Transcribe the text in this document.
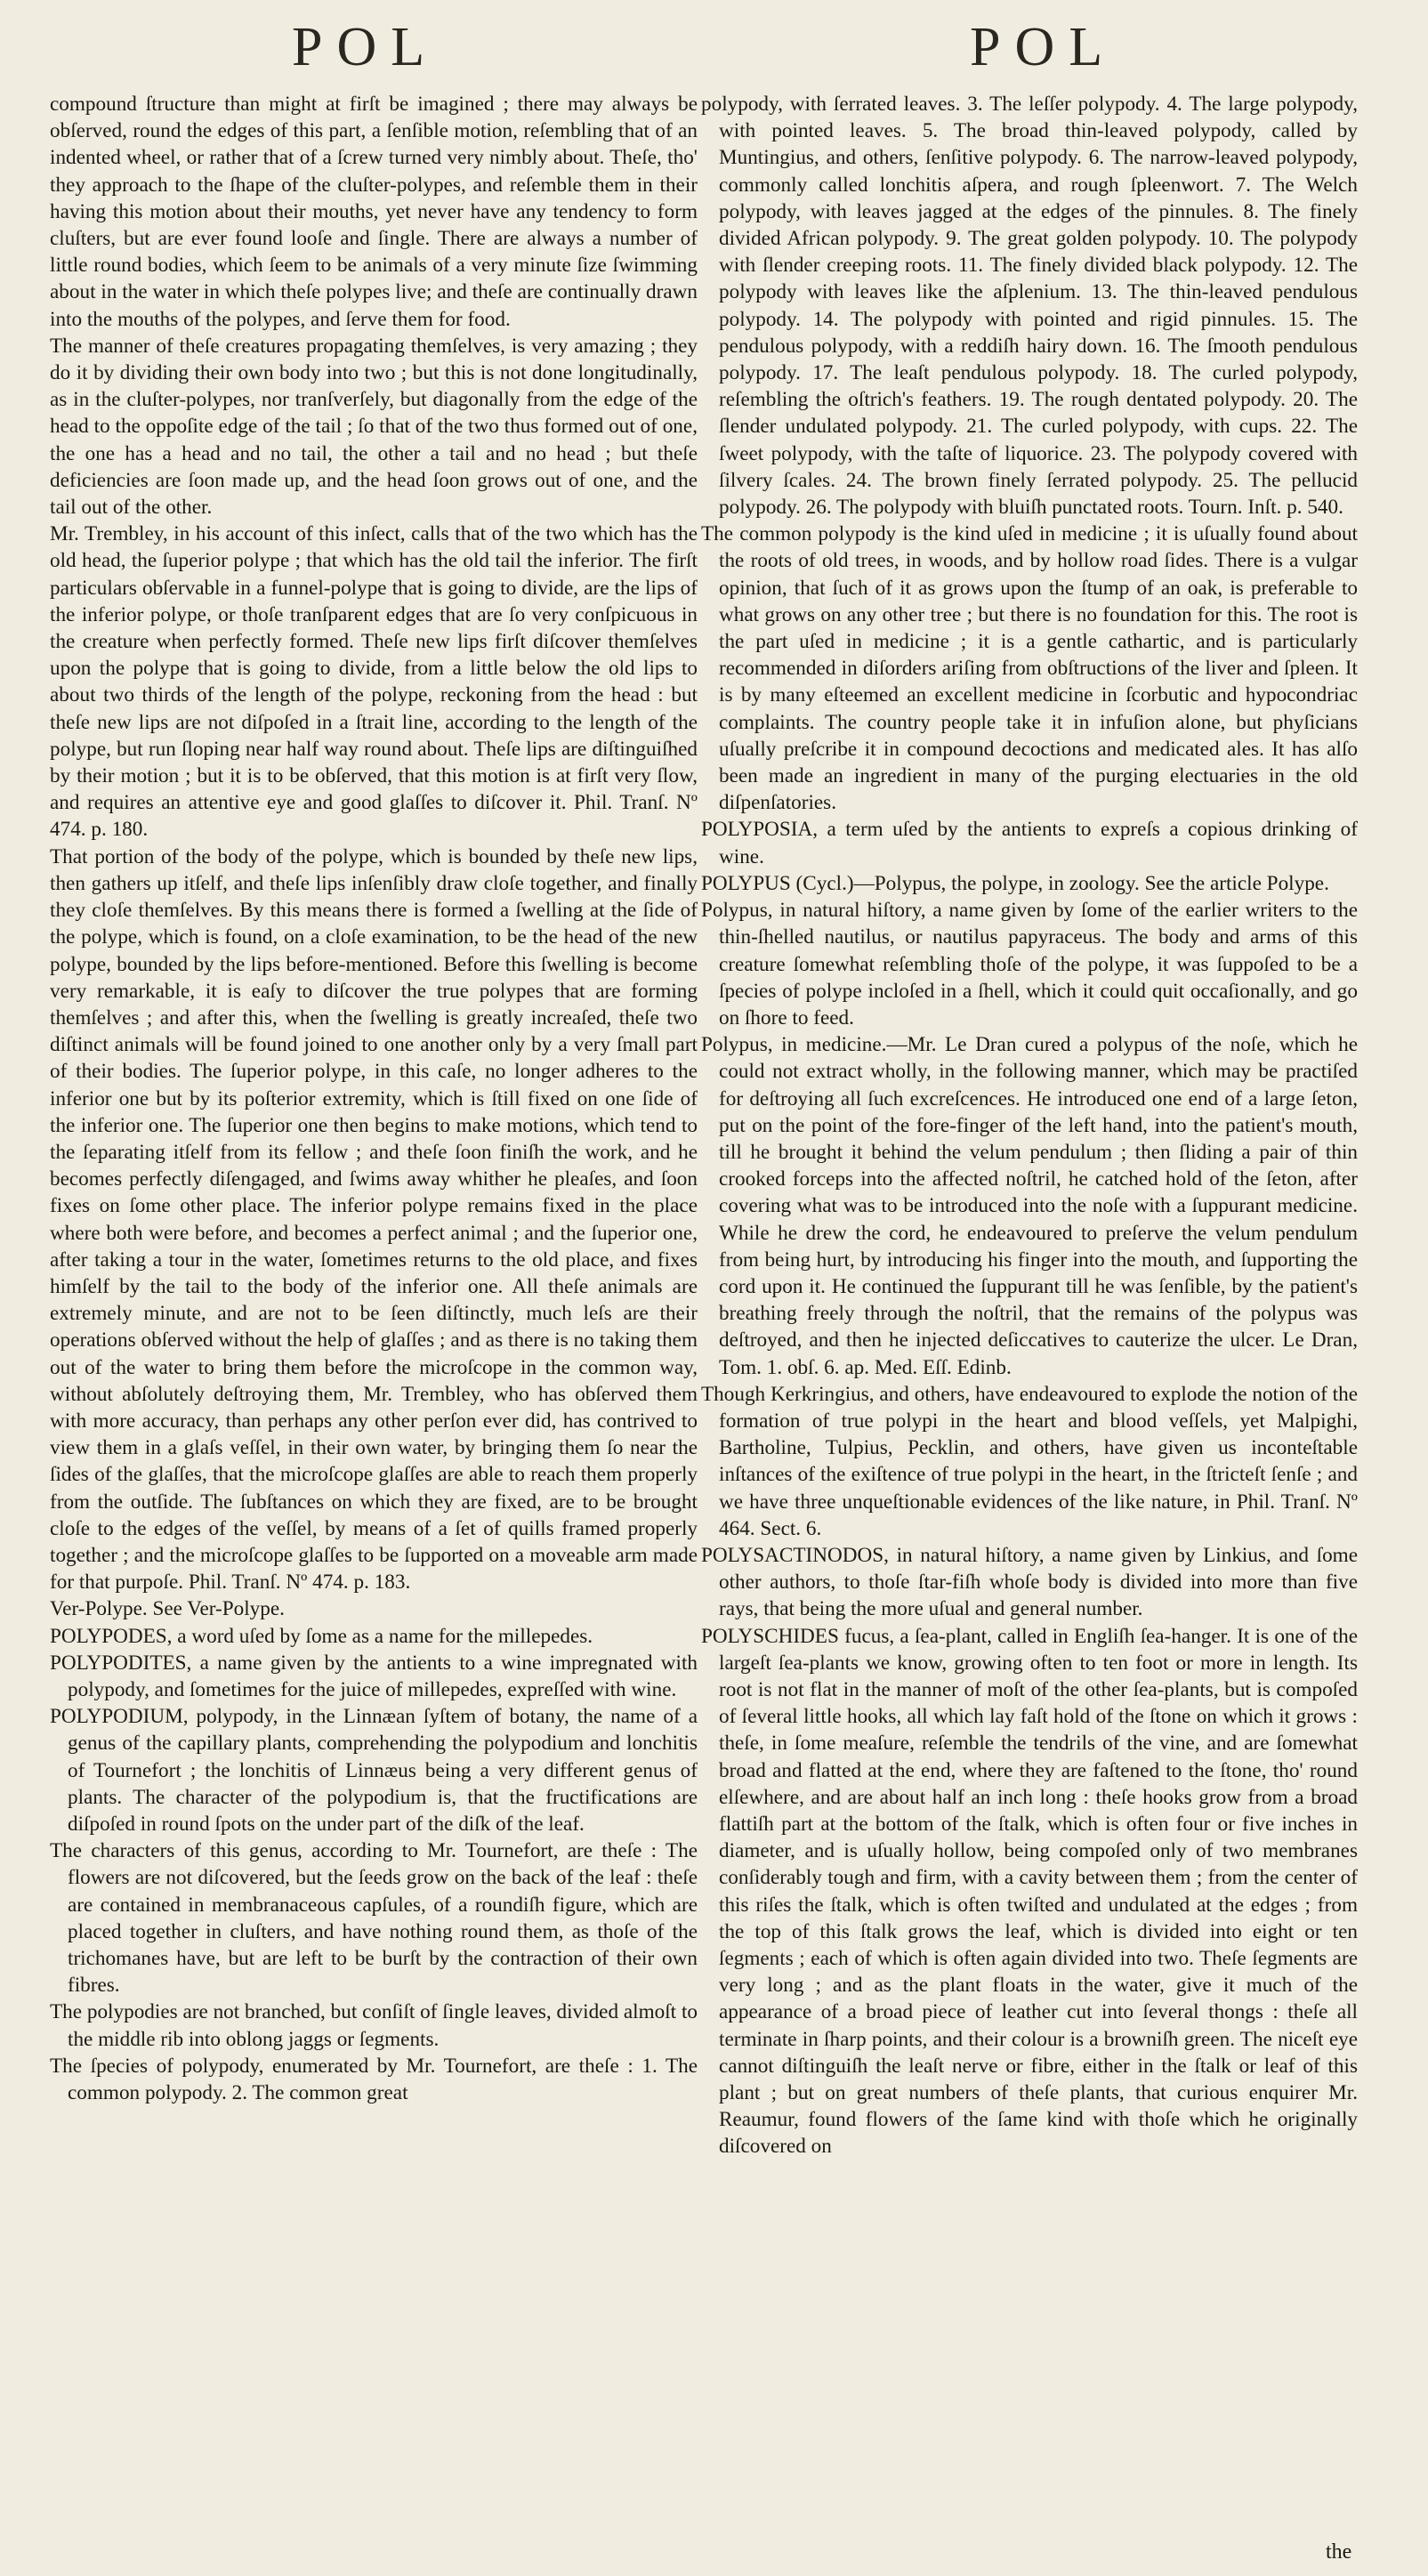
POL	POL

compound ſtructure than might at firſt be imagined ; there may always be obſerved, round the edges of this part, a ſenſible motion, reſembling that of an indented wheel, or rather that of a ſcrew turned very nimbly about. Theſe, tho' they approach to the ſhape of the cluſter-polypes, and reſemble them in their having this motion about their mouths, yet never have any tendency to form cluſters, but are ever found looſe and ſingle. There are always a number of little round bodies, which ſeem to be animals of a very minute ſize ſwimming about in the water in which theſe polypes live; and theſe are continually drawn into the mouths of the polypes, and ſerve them for food.

The manner of theſe creatures propagating themſelves, is very amazing ; they do it by dividing their own body into two ; but this is not done longitudinally, as in the cluſter-polypes, nor tranſverſely, but diagonally from the edge of the head to the oppoſite edge of the tail ; ſo that of the two thus formed out of one, the one has a head and no tail, the other a tail and no head ; but theſe deficiencies are ſoon made up, and the head ſoon grows out of one, and the tail out of the other.

Mr. Trembley, in his account of this inſect, calls that of the two which has the old head, the ſuperior polype ; that which has the old tail the inferior. The firſt particulars obſervable in a funnel-polype that is going to divide, are the lips of the inferior polype, or thoſe tranſparent edges that are ſo very conſpicuous in the creature when perfectly formed. Theſe new lips firſt diſcover themſelves upon the polype that is going to divide, from a little below the old lips to about two thirds of the length of the polype, reckoning from the head : but theſe new lips are not diſpoſed in a ſtrait line, according to the length of the polype, but run ſloping near half way round about. Theſe lips are diſtinguiſhed by their motion ; but it is to be obſerved, that this motion is at firſt very ſlow, and requires an attentive eye and good glaſſes to diſcover it. Phil. Tranſ. Nº 474. p. 180.

That portion of the body of the polype, which is bounded by theſe new lips, then gathers up itſelf, and theſe lips inſenſibly draw cloſe together, and finally they cloſe themſelves. By this means there is formed a ſwelling at the ſide of the polype, which is found, on a cloſe examination, to be the head of the new polype, bounded by the lips before-mentioned. Before this ſwelling is become very remarkable, it is eaſy to diſcover the true polypes that are forming themſelves ; and after this, when the ſwelling is greatly increaſed, theſe two diſtinct animals will be found joined to one another only by a very ſmall part of their bodies. The ſuperior polype, in this caſe, no longer adheres to the inferior one but by its poſterior extremity, which is ſtill fixed on one ſide of the inferior one. The ſuperior one then begins to make motions, which tend to the ſeparating itſelf from its fellow ; and theſe ſoon finiſh the work, and he becomes perfectly diſengaged, and ſwims away whither he pleaſes, and ſoon fixes on ſome other place. The inferior polype remains fixed in the place where both were before, and becomes a perfect animal ; and the ſuperior one, after taking a tour in the water, ſometimes returns to the old place, and fixes himſelf by the tail to the body of the inferior one. All theſe animals are extremely minute, and are not to be ſeen diſtinctly, much leſs are their operations obſerved without the help of glaſſes ; and as there is no taking them out of the water to bring them before the microſcope in the common way, without abſolutely deſtroying them, Mr. Trembley, who has obſerved them with more accuracy, than perhaps any other perſon ever did, has contrived to view them in a glaſs veſſel, in their own water, by bringing them ſo near the ſides of the glaſſes, that the microſcope glaſſes are able to reach them properly from the outſide. The ſubſtances on which they are fixed, are to be brought cloſe to the edges of the veſſel, by means of a ſet of quills framed properly together ; and the microſcope glaſſes to be ſupported on a moveable arm made for that purpoſe. Phil. Tranſ. Nº 474. p. 183.

Ver-Polype. See Ver-Polype.

POLYPODES, a word uſed by ſome as a name for the millepedes.

POLYPODITES, a name given by the antients to a wine impregnated with polypody, and ſometimes for the juice of millepedes, expreſſed with wine.

POLYPODIUM, polypody, in the Linnæan ſyſtem of botany, the name of a genus of the capillary plants, comprehending the polypodium and lonchitis of Tournefort ; the lonchitis of Linnæus being a very different genus of plants. The character of the polypodium is, that the fructifications are diſpoſed in round ſpots on the under part of the diſk of the leaf.

The characters of this genus, according to Mr. Tournefort, are theſe : The flowers are not diſcovered, but the ſeeds grow on the back of the leaf : theſe are contained in membranaceous capſules, of a roundiſh figure, which are placed together in cluſters, and have nothing round them, as thoſe of the trichomanes have, but are left to be burſt by the contraction of their own fibres.

The polypodies are not branched, but conſiſt of ſingle leaves, divided almoſt to the middle rib into oblong jaggs or ſegments.

The ſpecies of polypody, enumerated by Mr. Tournefort, are theſe : 1. The common polypody. 2. The common great

polypody, with ſerrated leaves. 3. The leſſer polypody. 4. The large polypody, with pointed leaves. 5. The broad thin-leaved polypody, called by Muntingius, and others, ſenſitive polypody. 6. The narrow-leaved polypody, commonly called lonchitis aſpera, and rough ſpleenwort. 7. The Welch polypody, with leaves jagged at the edges of the pinnules. 8. The finely divided African polypody. 9. The great golden polypody. 10. The polypody with ſlender creeping roots. 11. The finely divided black polypody. 12. The polypody with leaves like the aſplenium. 13. The thin-leaved pendulous polypody. 14. The polypody with pointed and rigid pinnules. 15. The pendulous polypody, with a reddiſh hairy down. 16. The ſmooth pendulous polypody. 17. The leaſt pendulous polypody. 18. The curled polypody, reſembling the oſtrich's feathers. 19. The rough dentated polypody. 20. The ſlender undulated polypody. 21. The curled polypody, with cups. 22. The ſweet polypody, with the taſte of liquorice. 23. The polypody covered with ſilvery ſcales. 24. The brown finely ſerrated polypody. 25. The pellucid polypody. 26. The polypody with bluiſh punctated roots. Tourn. Inſt. p. 540.

The common polypody is the kind uſed in medicine ; it is uſually found about the roots of old trees, in woods, and by hollow road ſides. There is a vulgar opinion, that ſuch of it as grows upon the ſtump of an oak, is preferable to what grows on any other tree ; but there is no foundation for this. The root is the part uſed in medicine ; it is a gentle cathartic, and is particularly recommended in diſorders ariſing from obſtructions of the liver and ſpleen. It is by many eſteemed an excellent medicine in ſcorbutic and hypocondriac complaints. The country people take it in infuſion alone, but phyſicians uſually preſcribe it in compound decoctions and medicated ales. It has alſo been made an ingredient in many of the purging electuaries in the old diſpenſatories.

POLYPOSIA, a term uſed by the antients to expreſs a copious drinking of wine.

POLYPUS (Cycl.)—Polypus, the polype, in zoology. See the article Polype.

Polypus, in natural hiſtory, a name given by ſome of the earlier writers to the thin-ſhelled nautilus, or nautilus papyraceus. The body and arms of this creature ſomewhat reſembling thoſe of the polype, it was ſuppoſed to be a ſpecies of polype incloſed in a ſhell, which it could quit occaſionally, and go on ſhore to feed.

Polypus, in medicine.—Mr. Le Dran cured a polypus of the noſe, which he could not extract wholly, in the following manner, which may be practiſed for deſtroying all ſuch excreſcences. He introduced one end of a large ſeton, put on the point of the fore-finger of the left hand, into the patient's mouth, till he brought it behind the velum pendulum ; then ſliding a pair of thin crooked forceps into the affected noſtril, he catched hold of the ſeton, after covering what was to be introduced into the noſe with a ſuppurant medicine. While he drew the cord, he endeavoured to preſerve the velum pendulum from being hurt, by introducing his finger into the mouth, and ſupporting the cord upon it. He continued the ſuppurant till he was ſenſible, by the patient's breathing freely through the noſtril, that the remains of the polypus was deſtroyed, and then he injected deſiccatives to cauterize the ulcer. Le Dran, Tom. 1. obſ. 6. ap. Med. Eſſ. Edinb.

Though Kerkringius, and others, have endeavoured to explode the notion of the formation of true polypi in the heart and blood veſſels, yet Malpighi, Bartholine, Tulpius, Pecklin, and others, have given us inconteſtable inſtances of the exiſtence of true polypi in the heart, in the ſtricteſt ſenſe ; and we have three unqueſtionable evidences of the like nature, in Phil. Tranſ. Nº 464. Sect. 6.

POLYSACTINODOS, in natural hiſtory, a name given by Linkius, and ſome other authors, to thoſe ſtar-fiſh whoſe body is divided into more than five rays, that being the more uſual and general number.

POLYSCHIDES fucus, a ſea-plant, called in Engliſh ſea-hanger. It is one of the largeſt ſea-plants we know, growing often to ten foot or more in length. Its root is not flat in the manner of moſt of the other ſea-plants, but is compoſed of ſeveral little hooks, all which lay faſt hold of the ſtone on which it grows : theſe, in ſome meaſure, reſemble the tendrils of the vine, and are ſomewhat broad and flatted at the end, where they are faſtened to the ſtone, tho' round elſewhere, and are about half an inch long : theſe hooks grow from a broad flattiſh part at the bottom of the ſtalk, which is often four or five inches in diameter, and is uſually hollow, being compoſed only of two membranes conſiderably tough and firm, with a cavity between them ; from the center of this riſes the ſtalk, which is often twiſted and undulated at the edges ; from the top of this ſtalk grows the leaf, which is divided into eight or ten ſegments ; each of which is often again divided into two. Theſe ſegments are very long ; and as the plant floats in the water, give it much of the appearance of a broad piece of leather cut into ſeveral thongs : theſe all terminate in ſharp points, and their colour is a browniſh green. The niceſt eye cannot diſtinguiſh the leaſt nerve or fibre, either in the ſtalk or leaf of this plant ; but on great numbers of theſe plants, that curious enquirer Mr. Reaumur, found flowers of the ſame kind with thoſe which he originally diſcovered on

the
